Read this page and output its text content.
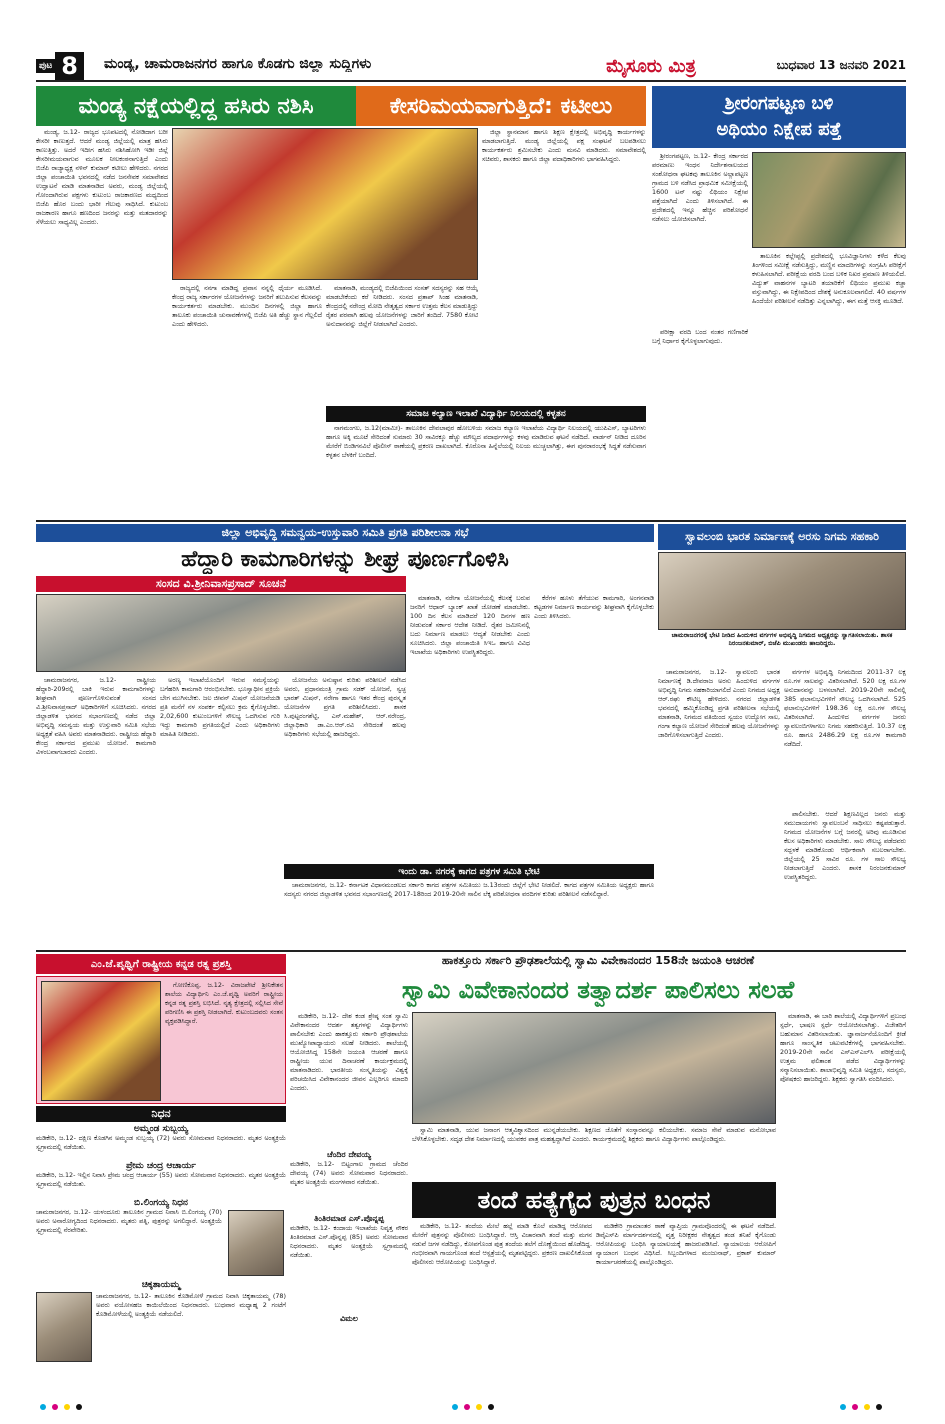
ಪುಟ 8	ಮಂಡ್ಯ, ಚಾಮರಾಜನಗರ ಹಾಗೂ ಕೊಡಗು ಜಿಲ್ಲಾ ಸುದ್ದಿಗಳು	ಮೈಸೂರು ಮಿತ್ರ	ಬುಧವಾರ 13 ಜನವರಿ 2021
ಮಂಡ್ಯ ನಕ್ಷೆಯಲ್ಲಿದ್ದ ಹಸಿರು ನಶಿಸಿ	ಕೇಸರಿಮಯವಾಗುತ್ತಿದೆ: ಕಟೀಲು

ಮಂಡ್ಯ, ಜ.12- ರಾಜ್ಯದ ಭೂಪಟದಲ್ಲಿ ನೋಡಿದಾಗ ಬರೀ ಕೇಸರೀ ಕಾಣುತ್ತದೆ. ಆದರೆ ಮಂಡ್ಯ ಜಿಲ್ಲೆಯಲ್ಲಿ ಮಾತ್ರ ಹಸಿರು ಕಾಣುತ್ತಿತ್ತು. ಅದರೆ ಇದೀಗ ಹಸಿರು ನಶಿಸಿಹೋಗಿ ಇಡೀ ಜಿಲ್ಲೆ ಕೇಸರೀಮಯವಾಗುವ ಮೂಲಕ ನೀಲಕಂಠನಾಗುತ್ತಿದೆ ಎಂದು ಬಿಜೆಪಿ ರಾಜ್ಯಾಧ್ಯಕ್ಷ ನಳಿನ್ ಕುಮಾರ್ ಕಟೀಲು ಹೇಳಿದರು. ನಗರದ ಜಿಲ್ಲಾ ಪಂಚಾಯಿತಿ ಭವನದಲ್ಲಿ ನಡೆದ ಜನಸೇವಕ ಸಮಾವೇಶದ ಉದ್ಘಾಟನೆ ಮಾಡಿ ಮಾತನಾಡಿದ ಅವರು, ಮಂಡ್ಯ ಜಿಲ್ಲೆಯಲ್ಲಿ ಗೋಂದಾಗಿರುವ ಪಕ್ಷಗಳು ಕುಟುಂಬ ರಾಜಕಾರಣದ ಮಧ್ಯದಿಂದ ಬಿಜೆಪಿ ಹೊರ ಬಂದು ಭಾರೀ ಗೆಲುವು ಸಾಧಿಸಿದೆ. ಕುಟುಂಬ ರಾಜಕಾರಣ ಹಾಗೂ ಹಣದಿಂದ ಜನರನ್ನು ಮತ್ತು ಮತದಾರರನ್ನು ಸೆಳೆಯಲು ಸಾಧ್ಯವಿಲ್ಲ ಎಂದರು.

ರಾಜ್ಯದಲ್ಲಿ ನನಗಾ ಮಾಡಿದ್ದ ಪ್ರವಾಸ ನನ್ನಲ್ಲಿ ಧೈರ್ಯ ಮೂಡಿಸಿದೆ. ಕೇಂದ್ರ ರಾಜ್ಯ ಸರ್ಕಾರಗಳ ಯೋಜನೆಗಳನ್ನು ಜನರಿಗೆ ತಲುಪಿಸುವ ಕೆಲಸವನ್ನು ಕಾರ್ಯಕರ್ತರು ಮಾಡಬೇಕು. ಮುಂದಿನ ದಿನಗಳಲ್ಲಿ ಜಿಲ್ಲಾ ಹಾಗೂ ತಾಲೂಕು ಪಂಚಾಯಿತಿ ಚುನಾವಣೆಗಳಲ್ಲಿ ಬಿಜೆಪಿ ಅತಿ ಹೆಚ್ಚು ಸ್ಥಾನ ಗೆಲ್ಲಲಿದೆ ಎಂದು ಹೇಳಿದರು.

ಮಾತನಾಡಿ, ಮಂಡ್ಯದಲ್ಲಿ ಬಿಜೆಪಿಯಿಂದ ಸಂಸತ್ ಸದಸ್ಯರನ್ನು ಸಹ ಆಯ್ಕೆ ಮಾಡಬೇಕೆಂದು ಕರೆ ನೀಡಿದರು. ಸಂಸದ ಪ್ರತಾಪ್ ಸಿಂಹ ಮಾತನಾಡಿ, ಕೇಂದ್ರದಲ್ಲಿ ನರೇಂದ್ರ ಮೋದಿ ನೇತೃತ್ವದ ಸರ್ಕಾರ ಉತ್ತಮ ಕೆಲಸ ಮಾಡುತ್ತಿದ್ದು ರೈತರ ಪರವಾಗಿ ಹಲವು ಯೋಜನೆಗಳನ್ನು ಜಾರಿಗೆ ತಂದಿದೆ. 7580 ಕೋಟಿ ಅನುದಾನವನ್ನು ಜಿಲ್ಲೆಗೆ ನೀಡಲಾಗಿದೆ ಎಂದರು.

ಜಿಲ್ಲಾ ಸ್ಥಾನಮಾನ ಹಾಗೂ ಶಿಕ್ಷಣ ಕ್ಷೇತ್ರದಲ್ಲಿ ಅಭಿವೃದ್ಧಿ ಕಾರ್ಯಗಳನ್ನು ಮಾಡಲಾಗುತ್ತಿದೆ. ಮಂಡ್ಯ ಜಿಲ್ಲೆಯಲ್ಲಿ ಪಕ್ಷ ಸಂಘಟನೆ ಬಲಪಡಿಸಲು ಕಾರ್ಯಕರ್ತರು ಶ್ರಮಿಸಬೇಕು ಎಂದು ಮನವಿ ಮಾಡಿದರು. ಸಮಾವೇಶದಲ್ಲಿ ಸಚಿವರು, ಶಾಸಕರು ಹಾಗೂ ಜಿಲ್ಲಾ ಪದಾಧಿಕಾರಿಗಳು ಭಾಗವಹಿಸಿದ್ದರು.

ಸಮಾಜ ಕಲ್ಯಾಣ ಇಲಾಖೆ ವಿದ್ಯಾರ್ಥಿ ನಿಲಯದಲ್ಲಿ ಕಳ್ಳತನ
ನಾಗಮಂಗಲ, ಜ.12(ಮಾಮೀ)- ತಾಲೂಕಿನ ದೇವಲಾಪುರ ಹೋಬಳಿಯ ಸಮಾಜ ಕಲ್ಯಾಣ ಇಲಾಖೆಯ ವಿದ್ಯಾರ್ಥಿ ನಿಲಯದಲ್ಲಿ ಯುಪಿಎಸ್, ಬ್ಯಾಟರಿಗಳು ಹಾಗೂ ಅಕ್ಕಿ ಮೂಟೆ ಸೇರಿದಂತೆ ಸುಮಾರು 30 ಸಾವಿರಕ್ಕೂ ಹೆಚ್ಚು ಮೌಲ್ಯದ ಪದಾರ್ಥಗಳನ್ನು ಕಳವು ಮಾಡಿರುವ ಘಟನೆ ನಡೆದಿದೆ. ವಾರ್ಡನ್ ನೀಡಿದ ದೂರಿನ ಮೇರೆಗೆ ಬಿಂಡಿಗನವಿಲೆ ಪೊಲೀಸ್ ಠಾಣೆಯಲ್ಲಿ ಪ್ರಕರಣ ದಾಖಲಾಗಿದೆ. ಕೊರೊನಾ ಹಿನ್ನೆಲೆಯಲ್ಲಿ ನಿಲಯ ಮುಚ್ಚಲಾಗಿತ್ತು, ಈಗ ಪುನರಾರಂಭಕ್ಕೆ ಸಿದ್ಧತೆ ನಡೆಸುವಾಗ ಕಳ್ಳತನ ಬೆಳಕಿಗೆ ಬಂದಿದೆ.
ಶ್ರೀರಂಗಪಟ್ಟಣ ಬಳಿ
ಅಥಿಯಂ ನಿಕ್ಷೇಪ ಪತ್ತೆ

ಶ್ರೀರಂಗಪಟ್ಟಣ, ಜ.12- ಕೇಂದ್ರ ಸರ್ಕಾರದ ಪರಮಾಣು ಇಂಧನ ನಿರ್ದೇಶನಾಲಯದ ಸಂಶೋಧನಾ ಘಟಕವು ತಾಲೂಕಿನ ಅಲ್ಲಾಪಟ್ಟಣ ಗ್ರಾಮದ ಬಳಿ ನಡೆಸಿದ ಪ್ರಾಥಮಿಕ ಸಮೀಕ್ಷೆಯಲ್ಲಿ 1600 ಟನ್ ನಷ್ಟು ಲಿಥಿಯಂ ನಿಕ್ಷೇಪ ಪತ್ತೆಯಾಗಿದೆ ಎಂದು ತಿಳಿಸಲಾಗಿದೆ. ಈ ಪ್ರದೇಶದಲ್ಲಿ ಇನ್ನೂ ಹೆಚ್ಚಿನ ಪರಿಶೋಧನೆ ನಡೆಸಲು ಯೋಜಿಸಲಾಗಿದೆ.

ತಾಲೂಕಿನ ಕಲ್ಲೇಪ್ಪಲ್ಲಿ ಪ್ರದೇಶದಲ್ಲಿ ಭೂವಿಜ್ಞಾನಿಗಳು ಕಳೆದ ಕೆಲವು ತಿಂಗಳಿಂದ ಸಮೀಕ್ಷೆ ನಡೆಸುತ್ತಿದ್ದು, ಮಣ್ಣಿನ ಮಾದರಿಗಳನ್ನು ಸಂಗ್ರಹಿಸಿ ಪರೀಕ್ಷೆಗೆ ಕಳುಹಿಸಲಾಗಿದೆ. ಪರೀಕ್ಷೆಯ ವರದಿ ಬಂದ ಬಳಿಕ ನಿಖರ ಪ್ರಮಾಣ ತಿಳಿಯಲಿದೆ. ವಿದ್ಯುತ್ ವಾಹನಗಳ ಬ್ಯಾಟರಿ ತಯಾರಿಕೆಗೆ ಲಿಥಿಯಂ ಪ್ರಮುಖ ಕಚ್ಚಾ ವಸ್ತುವಾಗಿದ್ದು, ಈ ನಿಕ್ಷೇಪದಿಂದ ದೇಶಕ್ಕೆ ಅನುಕೂಲವಾಗಲಿದೆ. 40 ವರ್ಷಗಳ ಹಿಂದೆಯೇ ಪರಿಶೀಲನೆ ನಡೆದಿತ್ತು ಎನ್ನಲಾಗಿದ್ದು, ಈಗ ಮತ್ತೆ ಆಸಕ್ತಿ ಮೂಡಿದೆ.

ಪರೀಕ್ಷಾ ವರದಿ ಬಂದ ನಂತರ ಗಣಿಗಾರಿಕೆ ಬಗ್ಗೆ ನಿರ್ಧಾರ ಕೈಗೊಳ್ಳಲಾಗುವುದು.

ಜಿಲ್ಲಾ ಅಭಿವೃದ್ಧಿ ಸಮನ್ವಯ-ಉಸ್ತುವಾರಿ ಸಮಿತಿ ಪ್ರಗತಿ ಪರಿಶೀಲನಾ ಸಭೆ
ಹೆದ್ದಾರಿ ಕಾಮಗಾರಿಗಳನ್ನು ಶೀಘ್ರ ಪೂರ್ಣಗೊಳಿಸಿ
ಸಂಸದ ವಿ.ಶ್ರೀನಿವಾಸಪ್ರಸಾದ್ ಸೂಚನೆ

ಚಾಮರಾಜನಗರ, ಜ.12- ರಾಷ್ಟ್ರೀಯ ಹೆದ್ದಾರಿ-209ರಲ್ಲಿ ಬಾಕಿ ಇರುವ ಕಾಮಗಾರಿಗಳನ್ನು ಶೀಘ್ರವಾಗಿ ಪೂರ್ಣಗೊಳಿಸುವಂತೆ ಸಂಸದ ವಿ.ಶ್ರೀನಿವಾಸಪ್ರಸಾದ್ ಅಧಿಕಾರಿಗಳಿಗೆ ಸೂಚಿಸಿದರು. ನಗರದ ಜಿಲ್ಲಾಡಳಿತ ಭವನದ ಸಭಾಂಗಣದಲ್ಲಿ ನಡೆದ ಜಿಲ್ಲಾ ಅಭಿವೃದ್ಧಿ ಸಮನ್ವಯ ಮತ್ತು ಉಸ್ತುವಾರಿ ಸಮಿತಿ ಸಭೆಯ ಅಧ್ಯಕ್ಷತೆ ವಹಿಸಿ ಅವರು ಮಾತನಾಡಿದರು. ರಾಷ್ಟ್ರೀಯ ಹೆದ್ದಾರಿ ಕೇಂದ್ರ ಸರ್ಕಾರದ ಪ್ರಮುಖ ಯೋಜನೆ. ಕಾಮಗಾರಿ ವಿಳಂಬವಾಗಬಾರದು ಎಂದರು.

ಅರಣ್ಯ ಇಲಾಖೆಯೊಂದಿಗೆ ಇರುವ ಸಮಸ್ಯೆಯನ್ನು ಬಗೆಹರಿಸಿ ಕಾಮಗಾರಿ ಆರಂಭಿಸಬೇಕು. ಭೂಸ್ವಾಧೀನ ಪ್ರಕ್ರಿಯೆ ಬೇಗ ಮುಗಿಸಬೇಕು. ಜಲ ಜೀವನ್ ಮಿಷನ್ ಯೋಜನೆಯಡಿ ಪ್ರತಿ ಮನೆಗೆ ನಳ ಸಂಪರ್ಕ ಕಲ್ಪಿಸಲು ಕ್ರಮ ಕೈಗೊಳ್ಳಬೇಕು. 2,02,600 ಕುಟುಂಬಗಳಿಗೆ ಸೌಲಭ್ಯ ಒದಗಿಸುವ ಗುರಿ ಇದ್ದು ಕಾಮಗಾರಿ ಪ್ರಗತಿಯಲ್ಲಿದೆ ಎಂದು ಅಧಿಕಾರಿಗಳು ಮಾಹಿತಿ ನೀಡಿದರು.

ಯೋಜನೆಯ ಅನುಷ್ಠಾನ ಕುರಿತು ಪರಿಶೀಲನೆ ನಡೆಸಿದ ಅವರು, ಪ್ರಧಾನಮಂತ್ರಿ ಗ್ರಾಮ ಸಡಕ್ ಯೋಜನೆ, ಸ್ವಚ್ಛ ಭಾರತ್ ಮಿಷನ್, ನರೇಗಾ ಹಾಗೂ ಇತರ ಕೇಂದ್ರ ಪುರಸ್ಕೃತ ಯೋಜನೆಗಳ ಪ್ರಗತಿ ಪರಿಶೀಲಿಸಿದರು. ಶಾಸಕ ಸಿ.ಪುಟ್ಟರಂಗಶೆಟ್ಟಿ, ಎನ್.ಮಹೇಶ್, ಆರ್.ನರೇಂದ್ರ, ಜಿಲ್ಲಾಧಿಕಾರಿ ಡಾ.ಎಂ.ಆರ್.ರವಿ ಸೇರಿದಂತೆ ಹಲವು ಅಧಿಕಾರಿಗಳು ಸಭೆಯಲ್ಲಿ ಹಾಜರಿದ್ದರು.

ಮಾತನಾಡಿ, ನರೇಗಾ ಯೋಜನೆಯಲ್ಲಿ ಕೆಲಸಕ್ಕೆ ಬರುವ ಜನರಿಗೆ ಆಧಾರ್ ಬ್ಯಾಂಕ್ ಖಾತೆ ಜೋಡಣೆ ಮಾಡಬೇಕು. 100 ದಿನ ಕೆಲಸ ಮಾಡಿದರೆ 120 ದಿನಗಳ ಹಣ ನೀಡುವಂತೆ ಸರ್ಕಾರ ಆದೇಶ ನೀಡಿದೆ. ರೈತರ ಜಮೀನಿನಲ್ಲಿ ಬದು ನಿರ್ಮಾಣ ಮಾಡಲು ಆದ್ಯತೆ ನೀಡಬೇಕು ಎಂದು ಸೂಚಿಸಿದರು. ಜಿಲ್ಲಾ ಪಂಚಾಯಿತಿ ಸಿಇಒ ಹಾಗೂ ವಿವಿಧ ಇಲಾಖೆಯ ಅಧಿಕಾರಿಗಳು ಉಪಸ್ಥಿತರಿದ್ದರು.

ಕೆರೆಗಳ ಹೂಳು ತೆಗೆಯುವ ಕಾಮಗಾರಿ, ಅಂಗನವಾಡಿ ಕಟ್ಟಡಗಳ ನಿರ್ಮಾಣ ಕಾರ್ಯವನ್ನು ಶೀಘ್ರವಾಗಿ ಕೈಗೊಳ್ಳಬೇಕು ಎಂದು ತಿಳಿಸಿದರು.

ಇಂದು ಡಾ. ನಗರಕ್ಕೆ ಕಾಗದ ಪತ್ರಗಳ ಸಮಿತಿ ಭೇಟಿ
ಚಾಮರಾಜನಗರ, ಜ.12- ಕರ್ನಾಟಕ ವಿಧಾನಮಂಡಲದ ಸರ್ಕಾರಿ ಕಾಗದ ಪತ್ರಗಳ ಸಮಿತಿಯು ಜ.13ರಂದು ಜಿಲ್ಲೆಗೆ ಭೇಟಿ ನೀಡಲಿದೆ. ಕಾಗದ ಪತ್ರಗಳ ಸಮಿತಿಯ ಅಧ್ಯಕ್ಷರು ಹಾಗೂ ಸದಸ್ಯರು ನಗರದ ಜಿಲ್ಲಾಡಳಿತ ಭವನದ ಸಭಾಂಗಣದಲ್ಲಿ 2017-18ರಿಂದ 2019-20ನೇ ಸಾಲಿನ ಲೆಕ್ಕ ಪರಿಶೋಧನಾ ವರದಿಗಳ ಕುರಿತು ಪರಿಶೀಲನೆ ನಡೆಸಲಿದ್ದಾರೆ.
ಸ್ವಾವಲಂಬಿ ಭಾರತ ನಿರ್ಮಾಣಕ್ಕೆ ಅರಸು ನಿಗಮ ಸಹಕಾರಿ
ಚಾಮರಾಜನಗರಕ್ಕೆ ಭೇಟಿ ನೀಡಿದ ಹಿಂದುಳಿದ ವರ್ಗಗಳ ಅಭಿವೃದ್ಧಿ ನಿಗಮದ ಅಧ್ಯಕ್ಷರನ್ನು ಸ್ವಾಗತಿಸಲಾಯಿತು. ಶಾಸಕ ನಿರಂಜನಕುಮಾರ್, ಬಿಜೆಪಿ ಮುಖಂಡರು ಹಾಜರಿದ್ದರು.

ಚಾಮರಾಜನಗರ, ಜ.12- ಸ್ವಾವಲಂಬಿ ಭಾರತ ನಿರ್ಮಾಣಕ್ಕೆ ಡಿ.ದೇವರಾಜ ಅರಸು ಹಿಂದುಳಿದ ವರ್ಗಗಳ ಅಭಿವೃದ್ಧಿ ನಿಗಮ ಸಹಕಾರಿಯಾಗಲಿದೆ ಎಂದು ನಿಗಮದ ಅಧ್ಯಕ್ಷ ಆರ್.ರಘು ಕೌಟಿಲ್ಯ ಹೇಳಿದರು. ನಗರದ ಜಿಲ್ಲಾಡಳಿತ ಭವನದಲ್ಲಿ ಹಮ್ಮಿಕೊಂಡಿದ್ದ ಪ್ರಗತಿ ಪರಿಶೀಲನಾ ಸಭೆಯಲ್ಲಿ ಮಾತನಾಡಿ, ನಿಗಮದ ವತಿಯಿಂದ ಸ್ವಯಂ ಉದ್ಯೋಗ ಸಾಲ, ಗಂಗಾ ಕಲ್ಯಾಣ ಯೋಜನೆ ಸೇರಿದಂತೆ ಹಲವು ಯೋಜನೆಗಳನ್ನು ಜಾರಿಗೊಳಿಸಲಾಗುತ್ತಿದೆ ಎಂದರು.

ವರ್ಗಗಳ ಅಭಿವೃದ್ಧಿ ನಿಗಮದಿಂದ 2011-37 ಲಕ್ಷ ರೂ.ಗಳ ಸಾಲವನ್ನು ವಿತರಿಸಲಾಗಿದೆ. 520 ಲಕ್ಷ ರೂ.ಗಳ ಅನುದಾನವನ್ನು ಬಳಸಲಾಗಿದೆ. 2019-20ನೇ ಸಾಲಿನಲ್ಲಿ 385 ಫಲಾನುಭವಿಗಳಿಗೆ ಸೌಲಭ್ಯ ಒದಗಿಸಲಾಗಿದೆ. 525 ಫಲಾನುಭವಿಗಳಿಗೆ 198.36 ಲಕ್ಷ ರೂ.ಗಳ ಸೌಲಭ್ಯ ವಿತರಿಸಲಾಗಿದೆ. ಹಿಂದುಳಿದ ವರ್ಗಗಳ ಜನರು ಸ್ವಾವಲಂಬಿಗಳಾಗಲು ನಿಗಮ ಸಹಕರಿಸುತ್ತಿದೆ. 10.37 ಲಕ್ಷ ರೂ. ಹಾಗೂ 2486.29 ಲಕ್ಷ ರೂ.ಗಳ ಕಾಮಗಾರಿ ನಡೆದಿದೆ.

ಪಾಲಿಸಬೇಕು. ಆದರೆ ಶಿಕ್ಷಣವಿಲ್ಲದ ಜನರು ಮತ್ತು ಸಮುದಾಯಗಳು ಸ್ವಾವಲಂಬನೆ ಸಾಧಿಸಲು ಕಷ್ಟಪಡುತ್ತಾರೆ. ನಿಗಮದ ಯೋಜನೆಗಳ ಬಗ್ಗೆ ಜನರಲ್ಲಿ ಅರಿವು ಮೂಡಿಸುವ ಕೆಲಸ ಅಧಿಕಾರಿಗಳು ಮಾಡಬೇಕು. ಸಾಲ ಸೌಲಭ್ಯ ಪಡೆದವರು ಸದ್ಬಳಕೆ ಮಾಡಿಕೊಂಡು ಆರ್ಥಿಕವಾಗಿ ಸಬಲರಾಗಬೇಕು. ಜಿಲ್ಲೆಯಲ್ಲಿ 25 ಸಾವಿರ ರೂ. ಗಳ ಸಾಲ ಸೌಲಭ್ಯ ನೀಡಲಾಗುತ್ತಿದೆ ಎಂದರು. ಶಾಸಕ ನಿರಂಜನಕುಮಾರ್ ಉಪಸ್ಥಿತರಿದ್ದರು.

ಎಂ.ಜೆ.ಪೃಥ್ವಿಗೆ ರಾಷ್ಟ್ರೀಯ ಕನ್ನಡ ರತ್ನ ಪ್ರಶಸ್ತಿ
ಗೋಣಿಕೊಪ್ಪ, ಜ.12- ವಿರಾಜಪೇಟೆ ಶ್ರೀನಿಕೇತನ ಶಾಲೆಯ ವಿದ್ಯಾರ್ಥಿನಿ ಎಂ.ಜೆ.ಪೃಥ್ವಿ ಅವರಿಗೆ ರಾಷ್ಟ್ರೀಯ ಕನ್ನಡ ರತ್ನ ಪ್ರಶಸ್ತಿ ಲಭಿಸಿದೆ. ನೃತ್ಯ ಕ್ಷೇತ್ರದಲ್ಲಿ ಸಲ್ಲಿಸಿದ ಸೇವೆ ಪರಿಗಣಿಸಿ ಈ ಪ್ರಶಸ್ತಿ ನೀಡಲಾಗಿದೆ. ಕುಟುಂಬದವರು ಸಂತಸ ವ್ಯಕ್ತಪಡಿಸಿದ್ದಾರೆ.
ನಿಧನ
ಅಮ್ಮಂಡ ಸುಬ್ಬಯ್ಯ
ಮಡಿಕೇರಿ, ಜ.12- ದಕ್ಷಿಣ ಕೊಡಗಿನ ಅಮ್ಮಂಡ ಸುಬ್ಬಯ್ಯ (72) ಅವರು ಸೋಮವಾರ ನಿಧನರಾದರು. ಮೃತರ ಅಂತ್ಯಕ್ರಿಯೆ ಸ್ವಗ್ರಾಮದಲ್ಲಿ ನಡೆಯಿತು.
ಪ್ರೇಮ ಚಂದ್ರ ಆಚಾರ್ಯ
ಮಡಿಕೇರಿ, ಜ.12- ಇಲ್ಲಿನ ನಿವಾಸಿ ಪ್ರೇಮ ಚಂದ್ರ ಆಚಾರ್ಯ (55) ಅವರು ಸೋಮವಾರ ನಿಧನರಾದರು. ಮೃತರ ಅಂತ್ಯಕ್ರಿಯೆ ಸ್ವಗ್ರಾಮದಲ್ಲಿ ನಡೆಯಿತು.
ಬಿ.ಲಿಂಗಯ್ಯ ನಿಧನ
ಚಾಮರಾಜನಗರ, ಜ.12- ಯಳಂದೂರು ತಾಲೂಕಿನ ಗ್ರಾಮದ ನಿವಾಸಿ ಬಿ.ಲಿಂಗಯ್ಯ (70) ಅವರು ಅನಾರೋಗ್ಯದಿಂದ ನಿಧನರಾದರು. ಮೃತರು ಪತ್ನಿ, ಪುತ್ರರನ್ನು ಅಗಲಿದ್ದಾರೆ. ಅಂತ್ಯಕ್ರಿಯೆ ಸ್ವಗ್ರಾಮದಲ್ಲಿ ನೆರವೇರಿತು.
ಚಿಕ್ಕತಾಯಮ್ಮ
ಚಾಮರಾಜನಗರ, ಜ.12- ತಾಲೂಕಿನ ಕೊಡಿಮೋಳೆ ಗ್ರಾಮದ ನಿವಾಸಿ ಚಿಕ್ಕತಾಯಮ್ಮ (78) ಅವರು ವಯೋಸಹಜ ಕಾಯಿಲೆಯಿಂದ ನಿಧನರಾದರು. ಬುಧವಾರ ಮಧ್ಯಾಹ್ನ 2 ಗಂಟೆಗೆ ಕೊಡಿಮೋಳೆಯಲ್ಲಿ ಅಂತ್ಯಕ್ರಿಯೆ ನಡೆಯಲಿದೆ.
ಚೆಂದಿರ ದೇವಯ್ಯ
ಮಡಿಕೇರಿ, ಜ.12- ಬಿಟ್ಟಂಗಾಲ ಗ್ರಾಮದ ಚೆಂದಿರ ದೇವಯ್ಯ (74) ಅವರು ಸೋಮವಾರ ನಿಧನರಾದರು. ಮೃತರ ಅಂತ್ಯಕ್ರಿಯೆ ಮಂಗಳವಾರ ನಡೆಯಿತು.
ತಿಂತಿರಮಾಡ ಎಸ್.ಪೊನ್ನಪ್ಪ
ಮಡಿಕೇರಿ, ಜ.12- ಕಂದಾಯ ಇಲಾಖೆಯ ನಿವೃತ್ತ ನೌಕರ ತಿಂತಿರಮಾಡ ಎಸ್.ಪೊನ್ನಪ್ಪ (85) ಅವರು ಸೋಮವಾರ ನಿಧನರಾದರು. ಮೃತರ ಅಂತ್ಯಕ್ರಿಯೆ ಸ್ವಗ್ರಾಮದಲ್ಲಿ ನಡೆಯಿತು.
ವಿಮಲ
ಹಾಕತ್ತೂರು ಸರ್ಕಾರಿ ಪ್ರೌಢಶಾಲೆಯಲ್ಲಿ ಸ್ವಾಮಿ ವಿವೇಕಾನಂದರ 158ನೇ ಜಯಂತಿ ಆಚರಣೆ
ಸ್ವಾಮಿ ವಿವೇಕಾನಂದರ ತತ್ವಾದರ್ಶ ಪಾಲಿಸಲು ಸಲಹೆ

ಮಡಿಕೇರಿ, ಜ.12- ದೇಶ ಕಂಡ ಶ್ರೇಷ್ಠ ಸಂತ ಸ್ವಾಮಿ ವಿವೇಕಾನಂದರ ಆದರ್ಶ ತತ್ವಗಳನ್ನು ವಿದ್ಯಾರ್ಥಿಗಳು ಪಾಲಿಸಬೇಕು ಎಂದು ಹಾಕತ್ತೂರು ಸರ್ಕಾರಿ ಪ್ರೌಢಶಾಲೆಯ ಮುಖ್ಯೋಪಾಧ್ಯಾಯರು ಸಲಹೆ ನೀಡಿದರು. ಶಾಲೆಯಲ್ಲಿ ಆಯೋಜಿಸಿದ್ದ 158ನೇ ಜಯಂತಿ ಆಚರಣೆ ಹಾಗೂ ರಾಷ್ಟ್ರೀಯ ಯುವ ದಿನಾಚರಣೆ ಕಾರ್ಯಕ್ರಮದಲ್ಲಿ ಮಾತನಾಡಿದರು. ಭಾರತೀಯ ಸಂಸ್ಕೃತಿಯನ್ನು ವಿಶ್ವಕ್ಕೆ ಪರಿಚಯಿಸಿದ ವಿವೇಕಾನಂದರ ಜೀವನ ಎಲ್ಲರಿಗೂ ಮಾದರಿ ಎಂದರು.

ಸ್ವಾಮಿ ಮಾತನಾಡಿ, ಯುವ ಜನಾಂಗ ಆತ್ಮವಿಶ್ವಾಸದಿಂದ ಮುನ್ನಡೆಯಬೇಕು. ಶಿಕ್ಷಣದ ಜೊತೆಗೆ ಸಂಸ್ಕಾರವನ್ನೂ ಕಲಿಯಬೇಕು. ಸಮಾಜ ಸೇವೆ ಮಾಡುವ ಮನೋಭಾವ ಬೆಳೆಸಿಕೊಳ್ಳಬೇಕು. ಸದೃಢ ದೇಶ ನಿರ್ಮಾಣದಲ್ಲಿ ಯುವಕರ ಪಾತ್ರ ಮಹತ್ವದ್ದಾಗಿದೆ ಎಂದರು. ಕಾರ್ಯಕ್ರಮದಲ್ಲಿ ಶಿಕ್ಷಕರು ಹಾಗೂ ವಿದ್ಯಾರ್ಥಿಗಳು ಪಾಲ್ಗೊಂಡಿದ್ದರು.

ಮಾತನಾಡಿ, ಈ ಬಾರಿ ಶಾಲೆಯಲ್ಲಿ ವಿದ್ಯಾರ್ಥಿಗಳಿಗೆ ಪ್ರಬಂಧ ಸ್ಪರ್ಧೆ, ಭಾಷಣ ಸ್ಪರ್ಧೆ ಆಯೋಜಿಸಲಾಗಿತ್ತು. ವಿಜೇತರಿಗೆ ಬಹುಮಾನ ವಿತರಿಸಲಾಯಿತು. ಜ್ಞಾನಾರ್ಜನೆಯೊಂದಿಗೆ ಕ್ರೀಡೆ ಹಾಗೂ ಸಾಂಸ್ಕೃತಿಕ ಚಟುವಟಿಕೆಗಳಲ್ಲಿ ಭಾಗವಹಿಸಬೇಕು. 2019-20ನೇ ಸಾಲಿನ ಎಸ್ಎಸ್ಎಲ್‌ಸಿ ಪರೀಕ್ಷೆಯಲ್ಲಿ ಉತ್ತಮ ಫಲಿತಾಂಶ ಪಡೆದ ವಿದ್ಯಾರ್ಥಿಗಳನ್ನು ಸನ್ಮಾನಿಸಲಾಯಿತು. ಶಾಲಾಭಿವೃದ್ಧಿ ಸಮಿತಿ ಅಧ್ಯಕ್ಷರು, ಸದಸ್ಯರು, ಪೋಷಕರು ಹಾಜರಿದ್ದರು. ಶಿಕ್ಷಕರು ಸ್ವಾಗತಿಸಿ ವಂದಿಸಿದರು.

ತಂದೆ ಹತ್ಯೆಗೈದ ಪುತ್ರನ ಬಂಧನ

ಮಡಿಕೇರಿ, ಜ.12- ತಂದೆಯ ಮೇಲೆ ಹಲ್ಲೆ ಮಾಡಿ ಕೊಲೆ ಮಾಡಿದ್ದ ಆರೋಪದ ಮೇರೆಗೆ ಪುತ್ರನನ್ನು ಪೊಲೀಸರು ಬಂಧಿಸಿದ್ದಾರೆ. ಆಸ್ತಿ ವಿಚಾರವಾಗಿ ತಂದೆ ಮತ್ತು ಮಗನ ನಡುವೆ ಜಗಳ ನಡೆದಿದ್ದು, ಕೋಪಗೊಂಡ ಪುತ್ರ ತಂದೆಯ ತಲೆಗೆ ದೊಣ್ಣೆಯಿಂದ ಹೊಡೆದಿದ್ದ. ಗಂಭೀರವಾಗಿ ಗಾಯಗೊಂಡ ತಂದೆ ಆಸ್ಪತ್ರೆಯಲ್ಲಿ ಮೃತಪಟ್ಟಿದ್ದರು. ಪ್ರಕರಣ ದಾಖಲಿಸಿಕೊಂಡ ಪೊಲೀಸರು ಆರೋಪಿಯನ್ನು ಬಂಧಿಸಿದ್ದಾರೆ.

ಮಡಿಕೇರಿ ಗ್ರಾಮಾಂತರ ಠಾಣೆ ವ್ಯಾಪ್ತಿಯ ಗ್ರಾಮವೊಂದರಲ್ಲಿ ಈ ಘಟನೆ ನಡೆದಿದೆ. ಡಿವೈಎಸ್‌ಪಿ ಮಾರ್ಗದರ್ಶನದಲ್ಲಿ ವೃತ್ತ ನಿರೀಕ್ಷಕರ ನೇತೃತ್ವದ ತಂಡ ತನಿಖೆ ಕೈಗೊಂಡು ಆರೋಪಿಯನ್ನು ಬಂಧಿಸಿ ನ್ಯಾಯಾಲಯಕ್ಕೆ ಹಾಜರುಪಡಿಸಿದೆ. ನ್ಯಾಯಾಲಯ ಆರೋಪಿಗೆ ನ್ಯಾಯಾಂಗ ಬಂಧನ ವಿಧಿಸಿದೆ. ಸಿಬ್ಬಂದಿಗಳಾದ ಮಂಜುನಾಥ್, ಪ್ರಕಾಶ್ ಕುಮಾರ್ ಕಾರ್ಯಾಚರಣೆಯಲ್ಲಿ ಪಾಲ್ಗೊಂಡಿದ್ದರು.
